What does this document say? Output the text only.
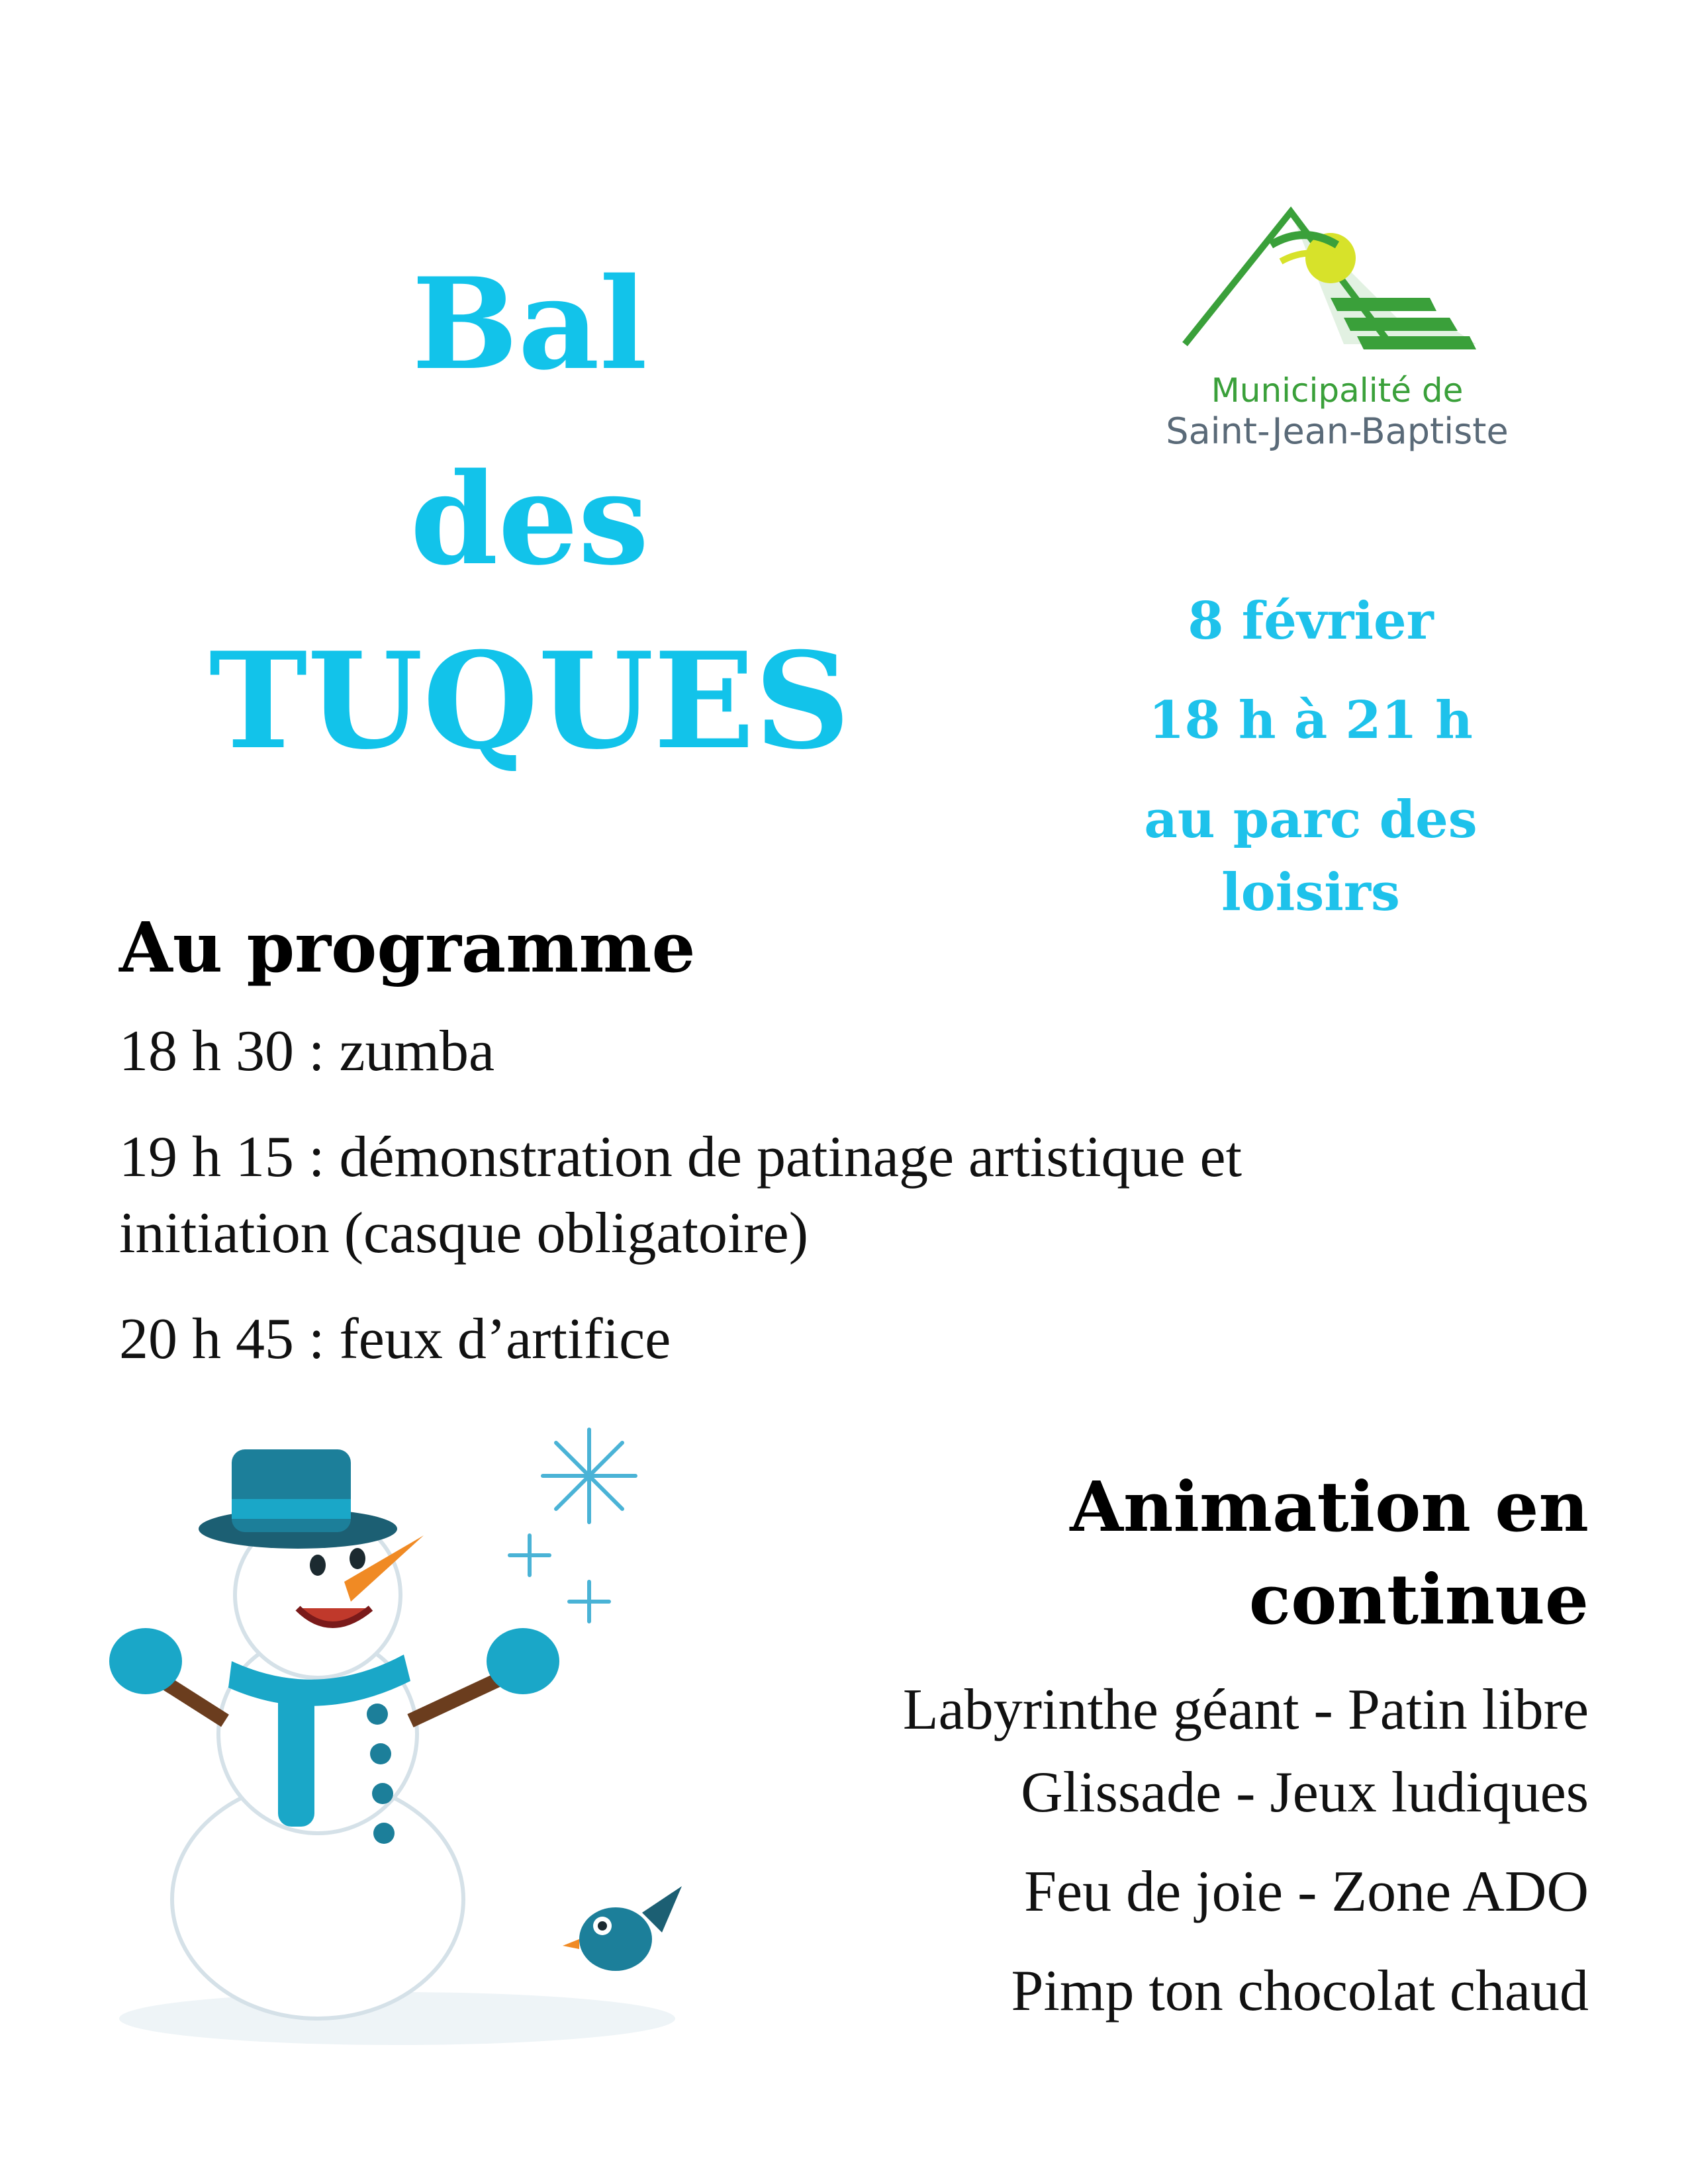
Bal
des
TUQUES
Municipalité de
Saint-Jean-Baptiste
8 février
18 h à 21 h
au parc des
loisirs
Au programme
18 h 30 : zumba
19 h 15 : démonstration de patinage artistique et
initiation (casque obligatoire)
20 h 45 : feux d’artifice
Animation en
continue
Labyrinthe géant - Patin libre
Glissade - Jeux ludiques
Feu de joie - Zone ADO
Pimp ton chocolat chaud
